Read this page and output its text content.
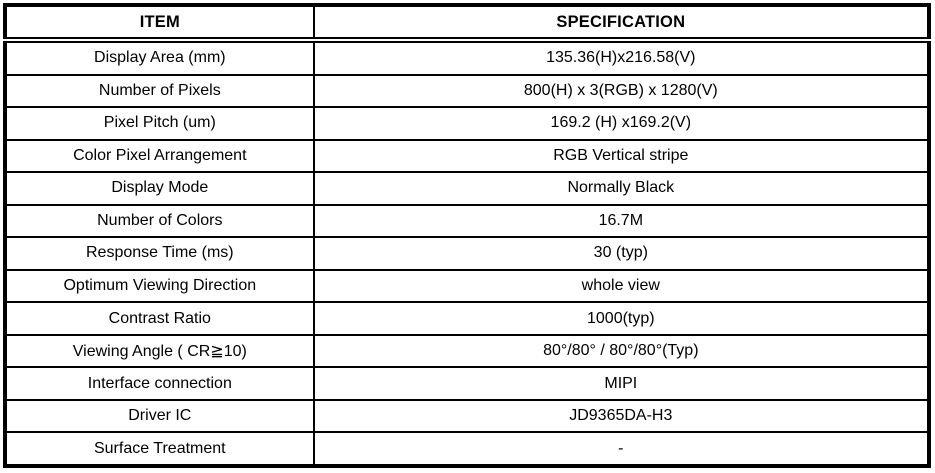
ITEM	SPECIFICATION
Display Area (mm)	135.36(H)x216.58(V)
Number of Pixels	800(H) x 3(RGB) x 1280(V)
Pixel Pitch (um)	169.2 (H) x169.2(V)
Color Pixel Arrangement	RGB Vertical stripe
Display Mode	Normally Black
Number of Colors	16.7M
Response Time (ms)	30 (typ)
Optimum Viewing Direction	whole view
Contrast Ratio	1000(typ)
Viewing Angle ( CR≧10)	80°/80° / 80°/80°(Typ)
Interface connection	MIPI
Driver IC	JD9365DA-H3
Surface Treatment	-
